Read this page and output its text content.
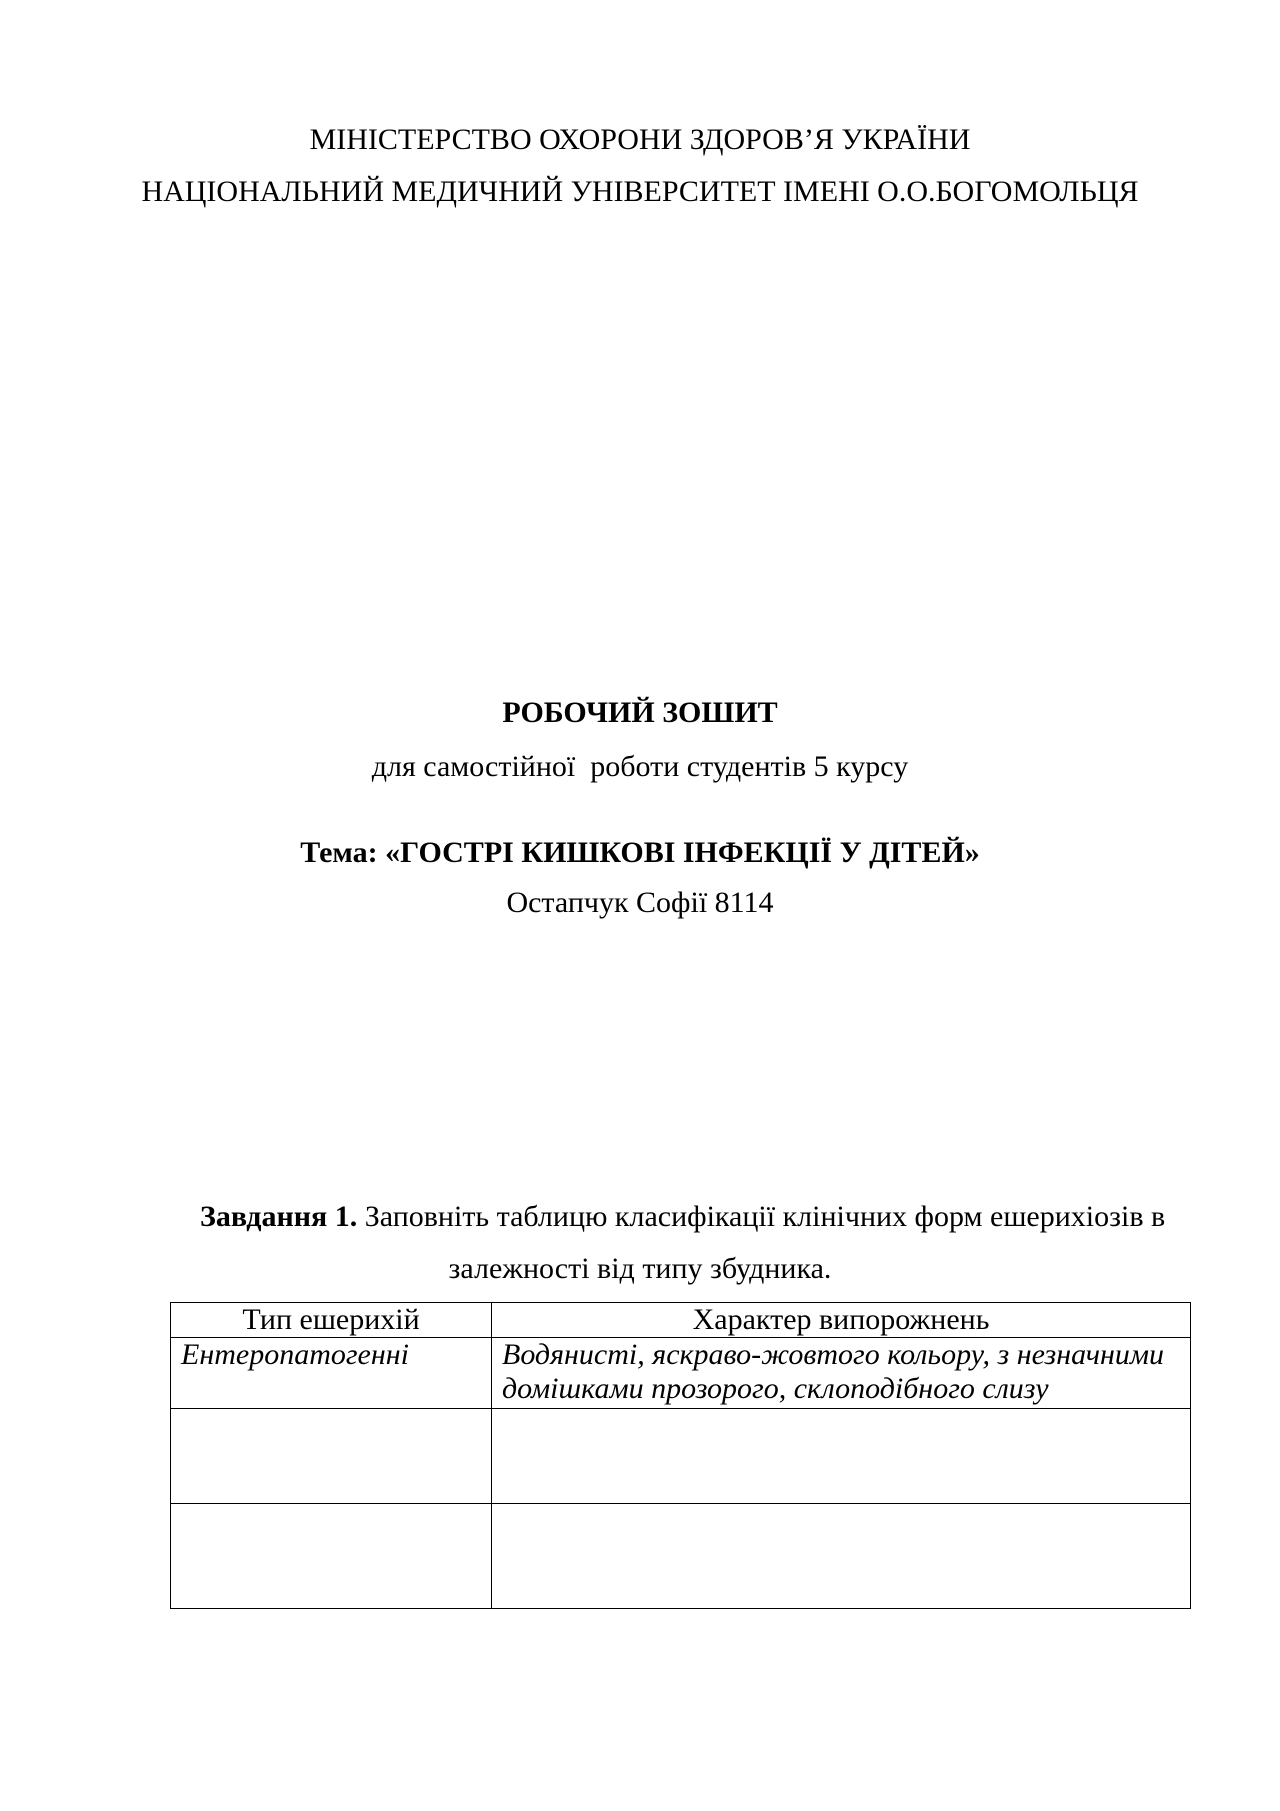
МІНІСТЕРСТВО ОХОРОНИ ЗДОРОВ’Я УКРАЇНИ
НАЦІОНАЛЬНИЙ МЕДИЧНИЙ УНІВЕРСИТЕТ ІМЕНІ О.О.БОГОМОЛЬЦЯ
РОБОЧИЙ ЗОШИТ
для самостійної  роботи студентів 5 курсу
Тема: «ГОСТРІ КИШКОВІ ІНФЕКЦІЇ У ДІТЕЙ»
Остапчук Софії 8114
Завдання 1. Заповніть таблицю класифікації клінічних форм ешерихіозів в
залежності від типу збудника.
Тип ешерихій	Характер випорожнень
Ентеропатогенні	Водянисті, яскраво-жовтого кольору, з незначними домішками прозорого, склоподібного слизу
